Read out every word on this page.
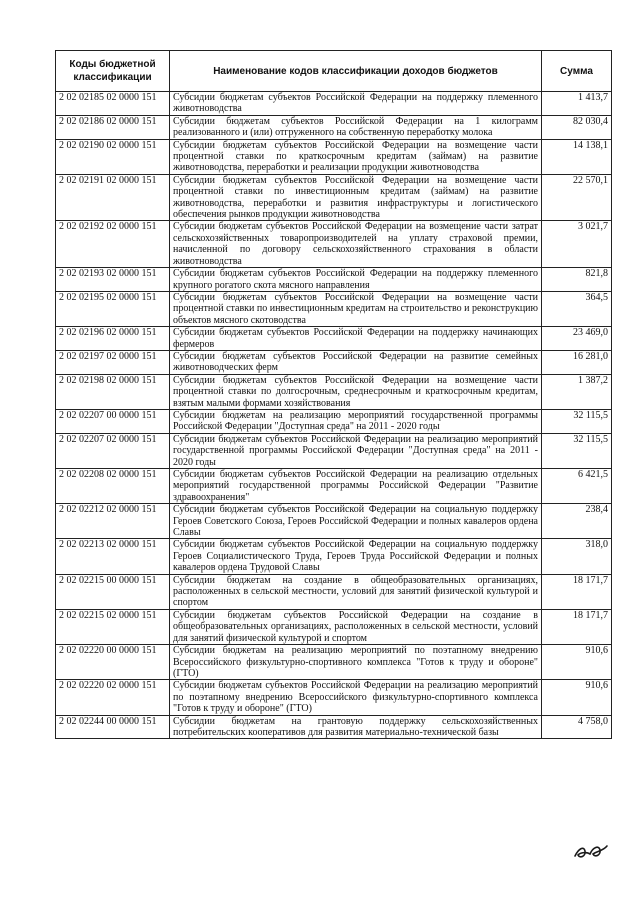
Коды бюджетной классификации	Наименование кодов классификации доходов бюджетов	Сумма
2 02 02185 02 0000 151	Субсидии бюджетам субъектов Российской Федерации на поддержку племенного животноводства	1 413,7
2 02 02186 02 0000 151	Субсидии бюджетам субъектов Российской Федерации на 1 килограмм реализованного и (или) отгруженного на собственную переработку молока	82 030,4
2 02 02190 02 0000 151	Субсидии бюджетам субъектов Российской Федерации на возмещение части процентной ставки по краткосрочным кредитам (займам) на развитие животноводства, переработки и реализации продукции животноводства	14 138,1
2 02 02191 02 0000 151	Субсидии бюджетам субъектов Российской Федерации на возмещение части процентной ставки по инвестиционным кредитам (займам) на развитие животноводства, переработки и развития инфраструктуры и логистического обеспечения рынков продукции животноводства	22 570,1
2 02 02192 02 0000 151	Субсидии бюджетам субъектов Российской Федерации на возмещение части затрат сельскохозяйственных товаропроизводителей на уплату страховой премии, начисленной по договору сельскохозяйственного страхования в области животноводства	3 021,7
2 02 02193 02 0000 151	Субсидии бюджетам субъектов Российской Федерации на поддержку племенного крупного рогатого скота мясного направления	821,8
2 02 02195 02 0000 151	Субсидии бюджетам субъектов Российской Федерации на возмещение части процентной ставки по инвестиционным кредитам на строительство и реконструкцию объектов мясного скотоводства	364,5
2 02 02196 02 0000 151	Субсидии бюджетам субъектов Российской Федерации на поддержку начинающих фермеров	23 469,0
2 02 02197 02 0000 151	Субсидии бюджетам субъектов Российской Федерации на развитие семейных животноводческих ферм	16 281,0
2 02 02198 02 0000 151	Субсидии бюджетам субъектов Российской Федерации на возмещение части процентной ставки по долгосрочным, среднесрочным и краткосрочным кредитам, взятым малыми формами хозяйствования	1 387,2
2 02 02207 00 0000 151	Субсидии бюджетам на реализацию мероприятий государственной программы Российской Федерации "Доступная среда" на 2011 - 2020 годы	32 115,5
2 02 02207 02 0000 151	Субсидии бюджетам субъектов Российской Федерации на реализацию мероприятий государственной программы Российской Федерации "Доступная среда" на 2011 - 2020 годы	32 115,5
2 02 02208 02 0000 151	Субсидии бюджетам субъектов Российской Федерации на реализацию отдельных мероприятий государственной программы Российской Федерации "Развитие здравоохранения"	6 421,5
2 02 02212 02 0000 151	Субсидии бюджетам субъектов Российской Федерации на социальную поддержку Героев Советского Союза, Героев Российской Федерации и полных кавалеров ордена Славы	238,4
2 02 02213 02 0000 151	Субсидии бюджетам субъектов Российской Федерации на социальную поддержку Героев Социалистического Труда, Героев Труда Российской Федерации и полных кавалеров ордена Трудовой Славы	318,0
2 02 02215 00 0000 151	Субсидии бюджетам на создание в общеобразовательных организациях, расположенных в сельской местности, условий для занятий физической культурой и спортом	18 171,7
2 02 02215 02 0000 151	Субсидии бюджетам субъектов Российской Федерации на создание в общеобразовательных организациях, расположенных в сельской местности, условий для занятий физической культурой и спортом	18 171,7
2 02 02220 00 0000 151	Субсидии бюджетам на реализацию мероприятий по поэтапному внедрению Всероссийского физкультурно-спортивного комплекса "Готов к труду и обороне" (ГТО)	910,6
2 02 02220 02 0000 151	Субсидии бюджетам субъектов Российской Федерации на реализацию мероприятий по поэтапному внедрению Всероссийского физкультурно-спортивного комплекса "Готов к труду и обороне" (ГТО)	910,6
2 02 02244 00 0000 151	Субсидии бюджетам на грантовую поддержку сельскохозяйственных потребительских кооперативов для развития материально-технической базы	4 758,0
